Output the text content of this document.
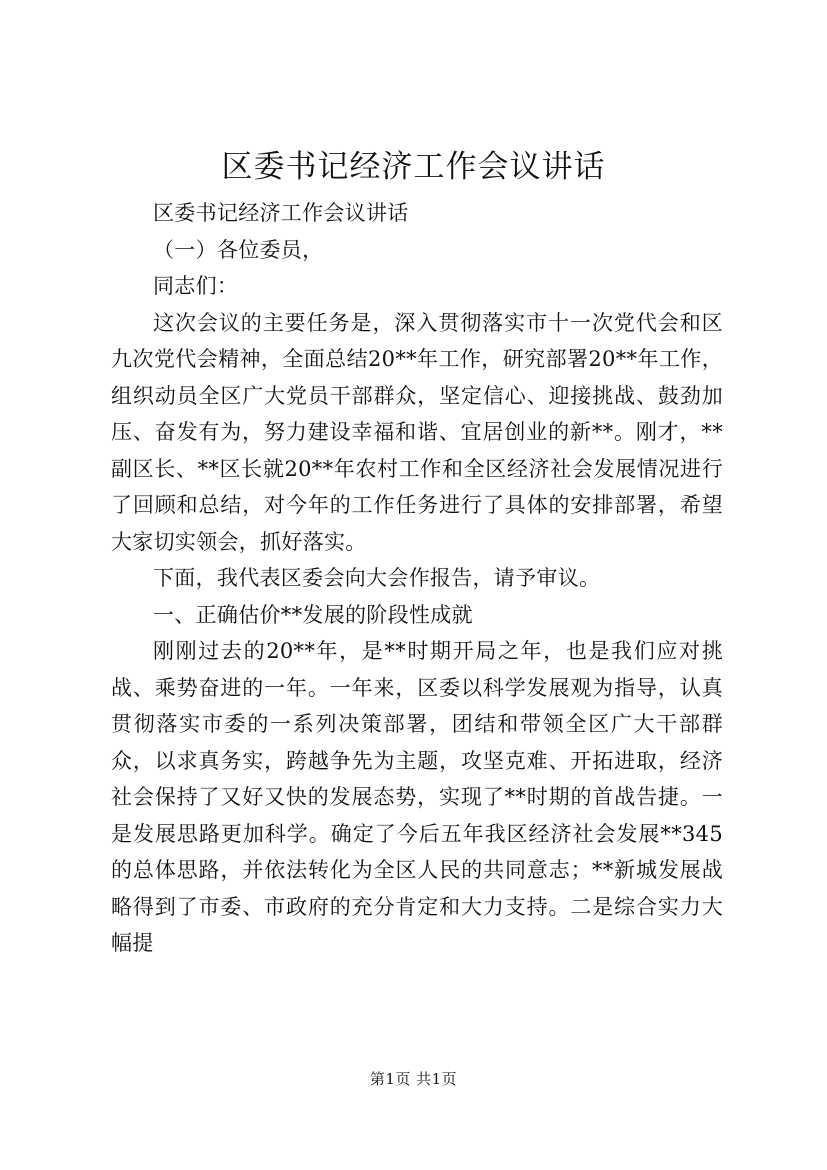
区委书记经济工作会议讲话

区委书记经济工作会议讲话

（一）各位委员，

同志们：

这次会议的主要任务是，深入贯彻落实市十一次党代会和区九次党代会精神，全面总结20**年工作，研究部署20**年工作，组织动员全区广大党员干部群众，坚定信心、迎接挑战、鼓劲加压、奋发有为，努力建设幸福和谐、宜居创业的新**。刚才，**副区长、**区长就20**年农村工作和全区经济社会发展情况进行了回顾和总结，对今年的工作任务进行了具体的安排部署，希望大家切实领会，抓好落实。

下面，我代表区委会向大会作报告，请予审议。

一、正确估价**发展的阶段性成就

刚刚过去的20**年，是**时期开局之年，也是我们应对挑战、乘势奋进的一年。一年来，区委以科学发展观为指导，认真贯彻落实市委的一系列决策部署，团结和带领全区广大干部群众，以求真务实，跨越争先为主题，攻坚克难、开拓进取，经济社会保持了又好又快的发展态势，实现了**时期的首战告捷。一是发展思路更加科学。确定了今后五年我区经济社会发展**345的总体思路，并依法转化为全区人民的共同意志；**新城发展战略得到了市委、市政府的充分肯定和大力支持。二是综合实力大幅提

第1页 共1页
